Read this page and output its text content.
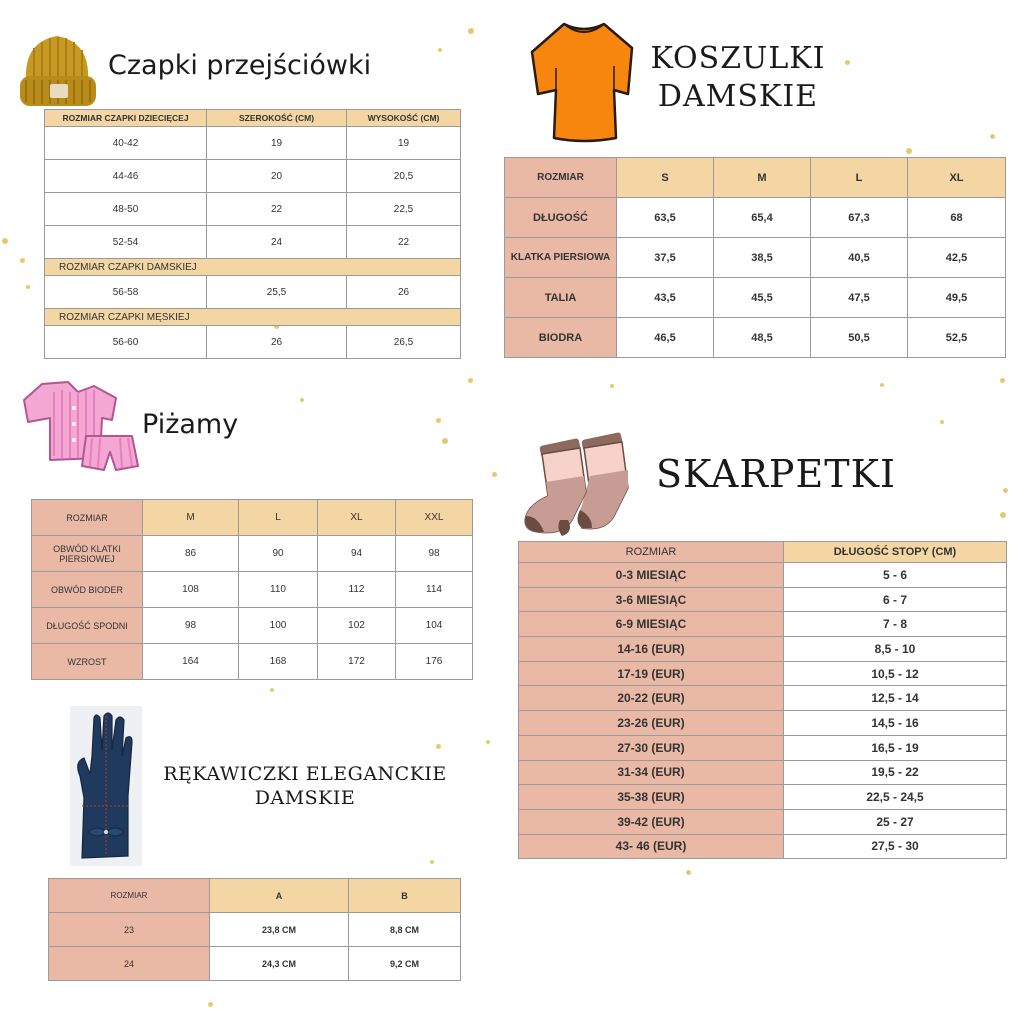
Czapki przejściówki
ROZMIAR CZAPKI DZIECIĘCEJ	SZEROKOŚĆ (CM)	WYSOKOŚĆ (CM)
40-42	19	19
44-46	20	20,5
48-50	22	22,5
52-54	24	22
ROZMIAR CZAPKI DAMSKIEJ		
56-58	25,5	26
ROZMIAR CZAPKI MĘSKIEJ		
56-60	26	26,5
KOSZULKI
DAMSKIE
ROZMIAR	S	M	L	XL
DŁUGOŚĆ	63,5	65,4	67,3	68
KLATKA PIERSIOWA	37,5	38,5	40,5	42,5
TALIA	43,5	45,5	47,5	49,5
BIODRA	46,5	48,5	50,5	52,5
Piżamy
ROZMIAR	M	L	XL	XXL
OBWÓD KLATKI PIERSIOWEJ	86	90	94	98
OBWÓD BIODER	108	110	112	114
DŁUGOŚĆ SPODNI	98	100	102	104
WZROST	164	168	172	176
RĘKAWICZKI ELEGANCKIE
DAMSKIE
ROZMIAR	A	B
23	23,8 CM	8,8 CM
24	24,3 CM	9,2 CM
SKARPETKI
ROZMIAR	DŁUGOŚĆ STOPY (CM)
0-3 MIESIĄC	5 - 6
3-6 MIESIĄC	6 - 7
6-9 MIESIĄC	7 - 8
14-16 (EUR)	8,5 - 10
17-19 (EUR)	10,5 - 12
20-22 (EUR)	12,5 - 14
23-26 (EUR)	14,5 - 16
27-30 (EUR)	16,5 - 19
31-34 (EUR)	19,5 - 22
35-38 (EUR)	22,5 - 24,5
39-42 (EUR)	25 - 27
43- 46 (EUR)	27,5 - 30
